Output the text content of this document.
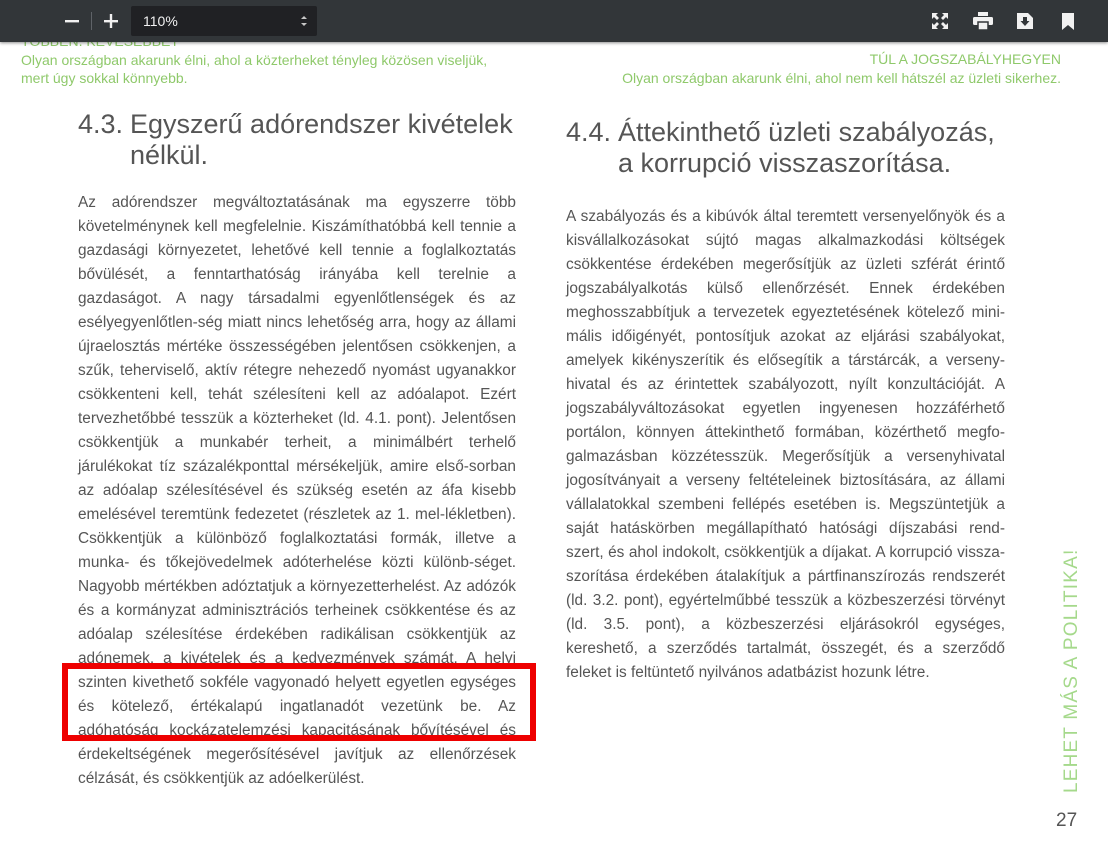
110%
Olyan országban akarunk élni, ahol a közterheket tényleg közösen viseljük,
mert úgy sokkal könnyebb.
TÚL A JOGSZABÁLYHEGYEN
Olyan országban akarunk élni, ahol nem kell hátszél az üzleti sikerhez.
4.3. Egyszerű adórendszer kivételek
nélkül.
4.4. Áttekinthető üzleti szabályozás,
a korrupció visszaszorítása.

Az adórendszer megváltoztatásának ma egyszerre több követelménynek kell megfelelnie. Kiszámíthatóbbá kell tennie a gazdasági környezetet, lehetővé kell tennie a foglalkoztatás bővülését, a fenntarthatóság irányába kell terelnie a gazdaságot. A nagy társadalmi egyenlőtlenségek és az esélyegyenlőtlen-ség miatt nincs lehetőség arra, hogy az állami újraelosztás mértéke összességében jelentősen csökkenjen, a szűk, teherviselő, aktív rétegre nehezedő nyomást ugyanakkor csökkenteni kell, tehát szélesíteni kell az adóalapot. Ezért tervezhetőbbé tesszük a közterheket (ld. 4.1. pont). Jelentősen csökkentjük a munkabér terheit, a minimálbért terhelő járulékokat tíz százalékponttal mérsékeljük, amire első-sorban az adóalap szélesítésével és szükség esetén az áfa kisebb emelésével teremtünk fedezetet (részletek az 1. mel-lékletben). Csökkentjük a különböző foglalkoztatási formák, illetve a munka- és tőkejövedelmek adóterhelése közti különb-séget. Nagyobb mértékben adóztatjuk a környezetterhelést. Az adózók és a kormányzat adminisztrációs terheinek csökkentése és az adóalap szélesítése érdekében radikálisan csökkentjük az adónemek, a kivételek és a kedvezmények számát. A helyi szinten kivethető sokféle vagyonadó helyett egyetlen egységes és kötelező, értékalapú ingatlanadót vezetünk be. Az adóhatóság kockázatelemzési kapacitásának bővítésével és érdekeltségének megerősítésével javítjuk az ellenőrzések célzását, és csökkentjük az adóelkerülést.

A szabályozás és a kibúvók által teremtett versenyelőnyök és a kisvállalkozásokat sújtó magas alkalmazkodási költségek csökkentése érdekében megerősítjük az üzleti szférát érintő jogszabályalkotás külső ellenőrzését. Ennek érdekében meghosszabbítjuk a tervezetek egyeztetésének kötelező mini-mális időigényét, pontosítjuk azokat az eljárási szabályokat, amelyek kikényszerítik és elősegítik a társtárcák, a verseny-hivatal és az érintettek szabályozott, nyílt konzultációját. A jogszabályváltozásokat egyetlen ingyenesen hozzáférhető portálon, könnyen áttekinthető formában, közérthető megfo-galmazásban közzétesszük. Megerősítjük a versenyhivatal jogosítványait a verseny feltételeinek biztosítására, az állami vállalatokkal szembeni fellépés esetében is. Megszüntetjük a saját hatáskörben megállapítható hatósági díjszabási rend-szert, és ahol indokolt, csökkentjük a díjakat. A korrupció vissza-szorítása érdekében átalakítjuk a pártfinanszírozás rendszerét (ld. 3.2. pont), egyértelműbbé tesszük a közbeszerzési törvényt (ld. 3.5. pont), a közbeszerzési eljárásokról egységes, kereshető, a szerződés tartalmát, összegét, és a szerződő feleket is feltüntető nyilvános adatbázist hozunk létre.	LEHET MÁS A POLITIKA!
27
